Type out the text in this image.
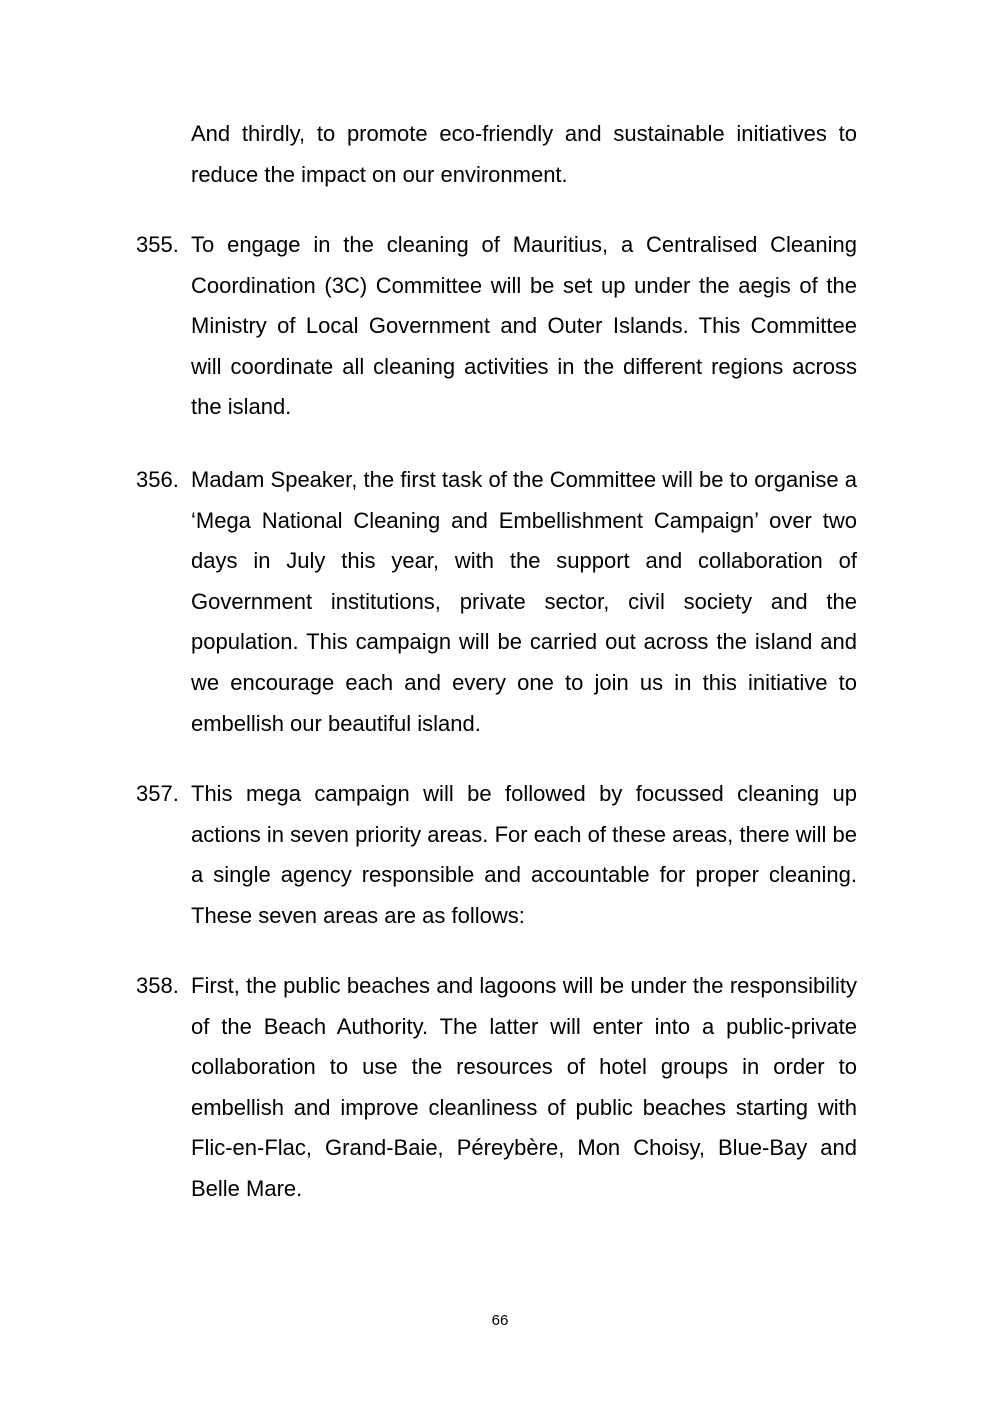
And thirdly, to promote eco-friendly and sustainable initiatives to reduce the impact on our environment.

355. To engage in the cleaning of Mauritius, a Centralised Cleaning Coordination (3C) Committee will be set up under the aegis of the Ministry of Local Government and Outer Islands. This Committee will coordinate all cleaning activities in the different regions across the island.

356. Madam Speaker, the first task of the Committee will be to organise a ‘Mega National Cleaning and Embellishment Campaign’ over two days in July this year, with the support and collaboration of Government institutions, private sector, civil society and the population. This campaign will be carried out across the island and we encourage each and every one to join us in this initiative to embellish our beautiful island.

357. This mega campaign will be followed by focussed cleaning up actions in seven priority areas. For each of these areas, there will be a single agency responsible and accountable for proper cleaning. These seven areas are as follows:

358. First, the public beaches and lagoons will be under the responsibility of the Beach Authority. The latter will enter into a public-private collaboration to use the resources of hotel groups in order to embellish and improve cleanliness of public beaches starting with Flic-en-Flac, Grand-Baie, Péreybère, Mon Choisy, Blue-Bay and Belle Mare.

66
